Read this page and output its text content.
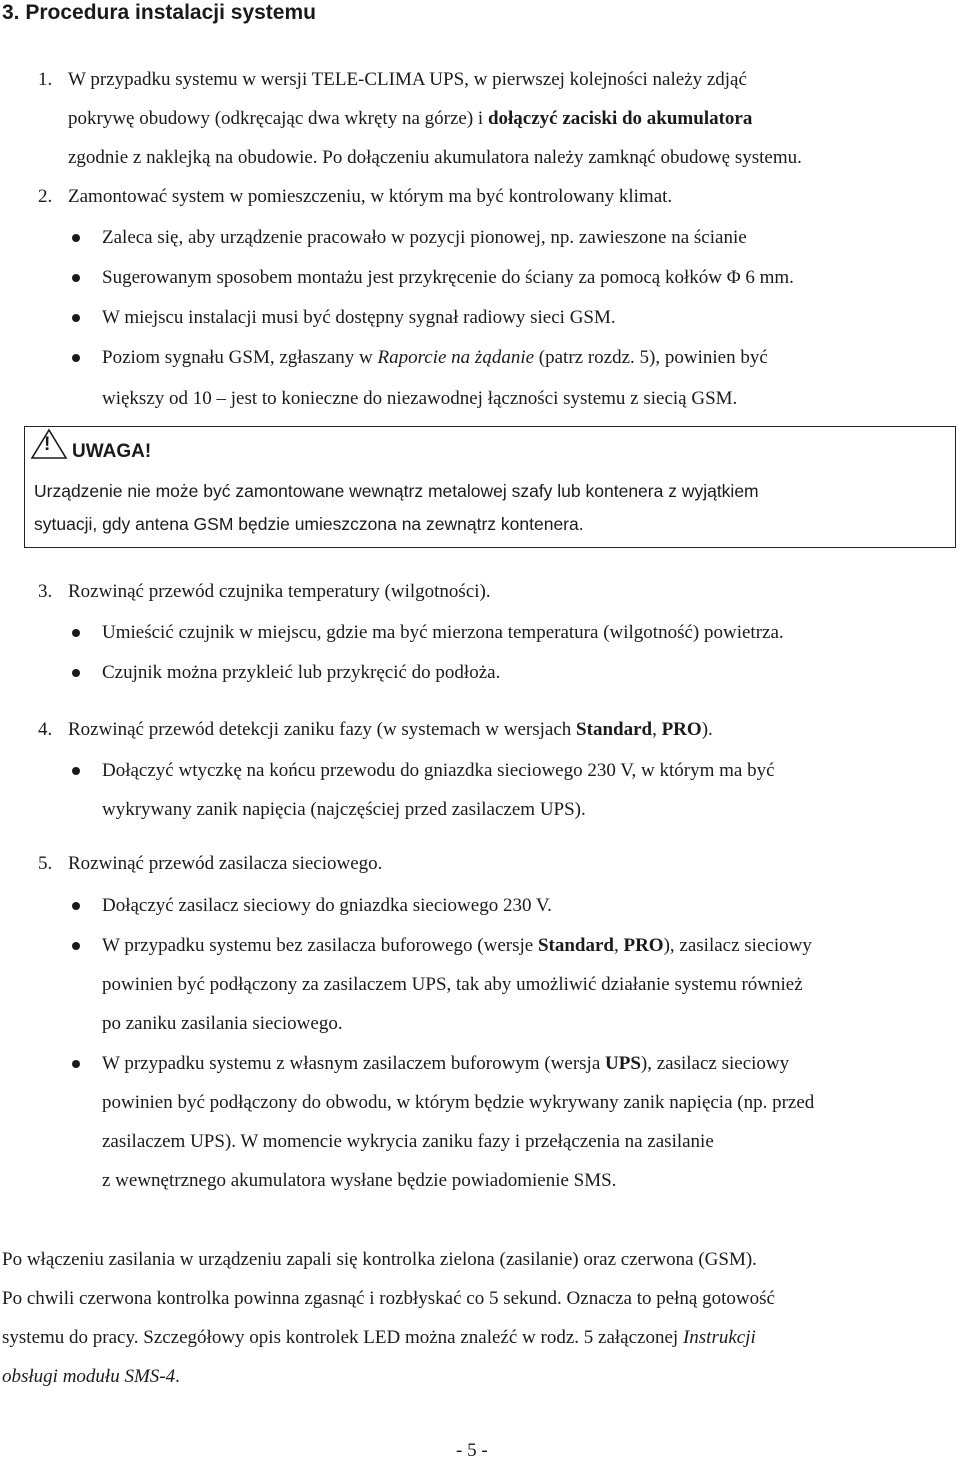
3. Procedura instalacji systemu
1. W przypadku systemu w wersji TELE-CLIMA UPS, w pierwszej kolejności należy zdjąć
pokrywę obudowy (odkręcając dwa wkręty na górze) i dołączyć zaciski do akumulatora
zgodnie z naklejką na obudowie. Po dołączeniu akumulatora należy zamknąć obudowę systemu.
2. Zamontować system w pomieszczeniu, w którym ma być kontrolowany klimat.
Zaleca się, aby urządzenie pracowało w pozycji pionowej, np. zawieszone na ścianie
Sugerowanym sposobem montażu jest przykręcenie do ściany za pomocą kołków Φ 6 mm.
W miejscu instalacji musi być dostępny sygnał radiowy sieci GSM.
Poziom sygnału GSM, zgłaszany w Raporcie na żądanie (patrz rozdz. 5), powinien być
większy od 10 – jest to konieczne do niezawodnej łączności systemu z siecią GSM.
! UWAGA!
Urządzenie nie może być zamontowane wewnątrz metalowej szafy lub kontenera z wyjątkiem
sytuacji, gdy antena GSM będzie umieszczona na zewnątrz kontenera.
3. Rozwinąć przewód czujnika temperatury (wilgotności).
Umieścić czujnik w miejscu, gdzie ma być mierzona temperatura (wilgotność) powietrza.
Czujnik można przykleić lub przykręcić do podłoża.
4. Rozwinąć przewód detekcji zaniku fazy (w systemach w wersjach Standard, PRO).
Dołączyć wtyczkę na końcu przewodu do gniazdka sieciowego 230 V, w którym ma być
wykrywany zanik napięcia (najczęściej przed zasilaczem UPS).
5. Rozwinąć przewód zasilacza sieciowego.
Dołączyć zasilacz sieciowy do gniazdka sieciowego 230 V.
W przypadku systemu bez zasilacza buforowego (wersje Standard, PRO), zasilacz sieciowy
powinien być podłączony za zasilaczem UPS, tak aby umożliwić działanie systemu również
po zaniku zasilania sieciowego.
W przypadku systemu z własnym zasilaczem buforowym (wersja UPS), zasilacz sieciowy
powinien być podłączony do obwodu, w którym będzie wykrywany zanik napięcia (np. przed
zasilaczem UPS). W momencie wykrycia zaniku fazy i przełączenia na zasilanie
z wewnętrznego akumulatora wysłane będzie powiadomienie SMS.
Po włączeniu zasilania w urządzeniu zapali się kontrolka zielona (zasilanie) oraz czerwona (GSM).
Po chwili czerwona kontrolka powinna zgasnąć i rozbłyskać co 5 sekund. Oznacza to pełną gotowość
systemu do pracy. Szczegółowy opis kontrolek LED można znaleźć w rodz. 5 załączonej Instrukcji
obsługi modułu SMS-4.
- 5 -
